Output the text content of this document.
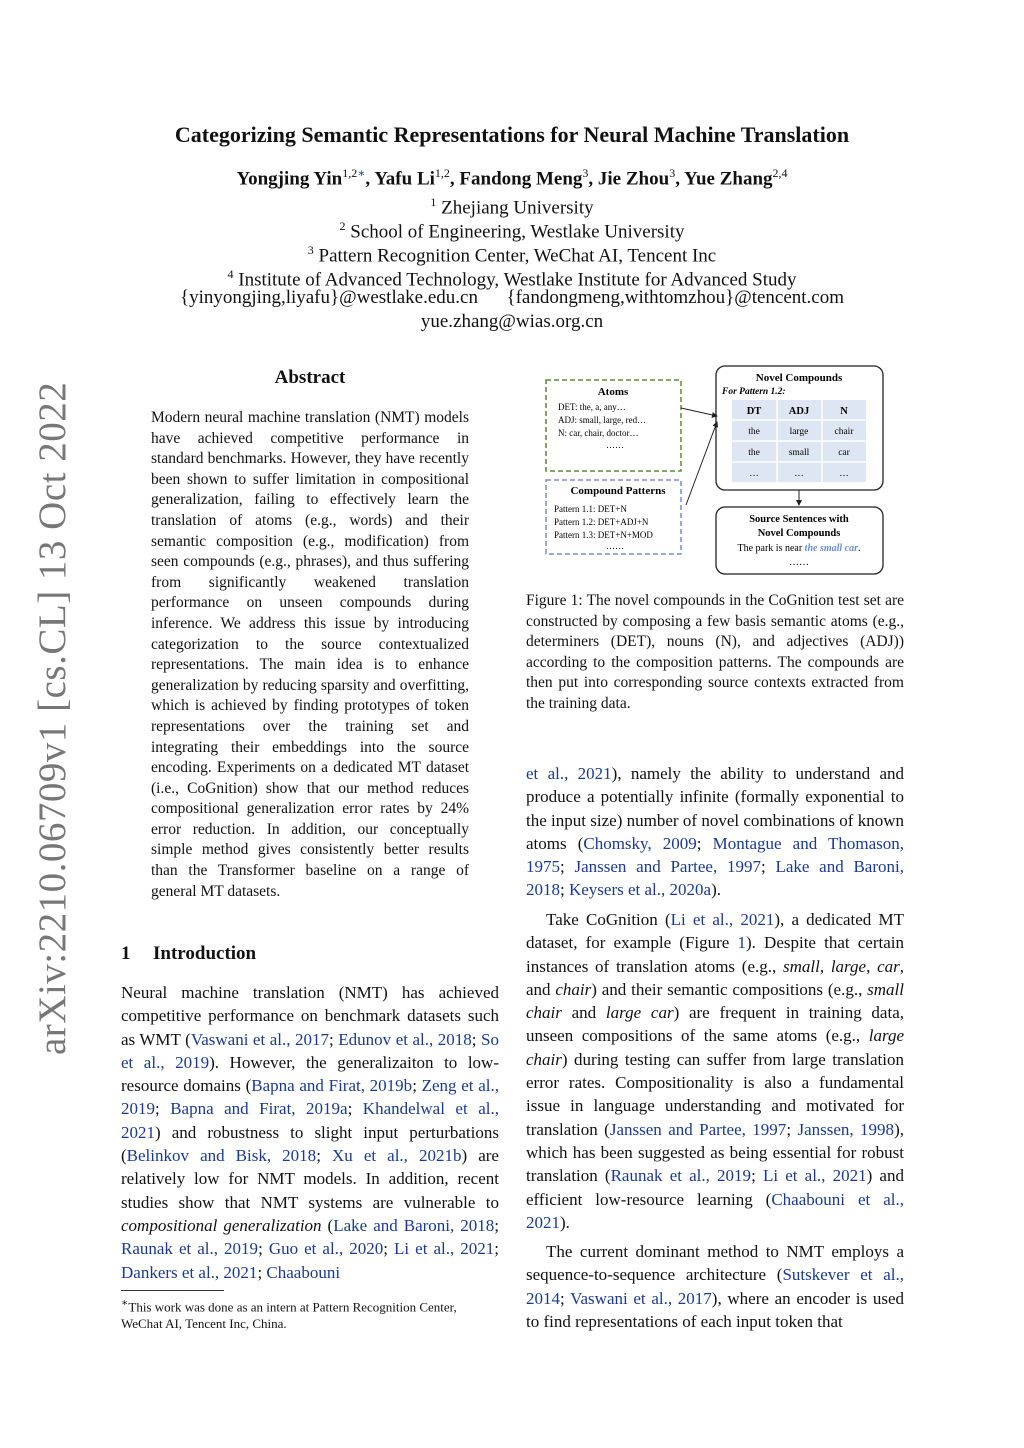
arXiv:2210.06709v1 [cs.CL] 13 Oct 2022
Categorizing Semantic Representations for Neural Machine Translation
Yongjing Yin$^{1,2∗}$, Yafu Li$^{1,2}$, Fandong Meng$^3$, Jie Zhou$^3$, Yue Zhang$^{2,4}$
$^1$ Zhejiang University
$^2$ School of Engineering, Westlake University
$^3$ Pattern Recognition Center, WeChat AI, Tencent Inc
$^4$ Institute of Advanced Technology, Westlake Institute for Advanced Study
{yinyongjing,liyafu}@westlake.edu.cn {fandongmeng,withtomzhou}@tencent.com
yue.zhang@wias.org.cn
Abstract
Modern neural machine translation (NMT) models have achieved competitive performance in standard benchmarks. However, they have recently been shown to suffer limitation in compositional generalization, failing to effectively learn the translation of atoms (e.g., words) and their semantic composition (e.g., modification) from seen compounds (e.g., phrases), and thus suffering from significantly weakened translation performance on unseen compounds during inference. We address this issue by introducing categorization to the source contextualized representations. The main idea is to enhance generalization by reducing sparsity and overfitting, which is achieved by finding prototypes of token representations over the training set and integrating their embeddings into the source encoding. Experiments on a dedicated MT dataset (i.e., CoGnition) show that our method reduces compositional generalization error rates by 24% error reduction. In addition, our conceptually simple method gives consistently better results than the Transformer baseline on a range of general MT datasets.
1 Introduction
Neural machine translation (NMT) has achieved competitive performance on benchmark datasets such as WMT (Vaswani et al., 2017; Edunov et al., 2018; So et al., 2019). However, the generalizaiton to low-resource domains (Bapna and Firat, 2019b; Zeng et al., 2019; Bapna and Firat, 2019a; Khandelwal et al., 2021) and robustness to slight input perturbations (Belinkov and Bisk, 2018; Xu et al., 2021b) are relatively low for NMT models. In addition, recent studies show that NMT systems are vulnerable to compositional generalization (Lake and Baroni, 2018; Raunak et al., 2019; Guo et al., 2020; Li et al., 2021; Dankers et al., 2021; Chaabouni
∗This work was done as an intern at Pattern Recognition Center, WeChat AI, Tencent Inc, China.
Atoms
DET: the, a, any…
ADJ: small, large, red…
N: car, chair, doctor…
……
Compound Patterns
Pattern 1.1: DET+N
Pattern 1.2: DET+ADJ+N
Pattern 1.3: DET+N+MOD
……
Novel Compounds
For Pattern 1.2:
DT	ADJ	N
the	large	chair
the	small	car
…	…	…
Source Sentences with
Novel Compounds
The park is near the small car.
……
Figure 1: The novel compounds in the CoGnition test set are constructed by composing a few basis semantic atoms (e.g., determiners (DET), nouns (N), and adjectives (ADJ)) according to the composition patterns. The compounds are then put into corresponding source contexts extracted from the training data.
et al., 2021), namely the ability to understand and produce a potentially infinite (formally exponential to the input size) number of novel combinations of known atoms (Chomsky, 2009; Montague and Thomason, 1975; Janssen and Partee, 1997; Lake and Baroni, 2018; Keysers et al., 2020a).
Take CoGnition (Li et al., 2021), a dedicated MT dataset, for example (Figure 1). Despite that certain instances of translation atoms (e.g., small, large, car, and chair) and their semantic compositions (e.g., small chair and large car) are frequent in training data, unseen compositions of the same atoms (e.g., large chair) during testing can suffer from large translation error rates. Compositionality is also a fundamental issue in language understanding and motivated for translation (Janssen and Partee, 1997; Janssen, 1998), which has been suggested as being essential for robust translation (Raunak et al., 2019; Li et al., 2021) and efficient low-resource learning (Chaabouni et al., 2021).
The current dominant method to NMT employs a sequence-to-sequence architecture (Sutskever et al., 2014; Vaswani et al., 2017), where an encoder is used to find representations of each input token that
